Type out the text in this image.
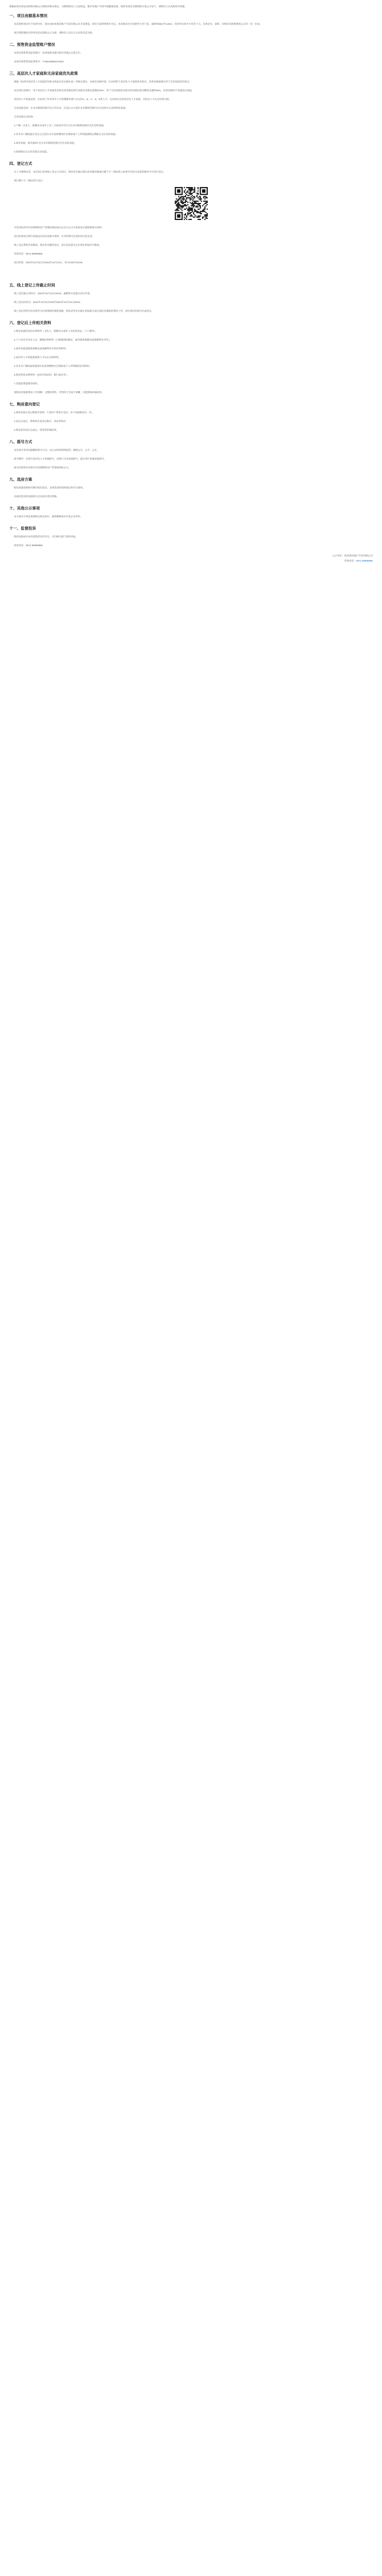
根据杭州市商品房销售价格公示制度的相关规定，为保障购房人合法权益，维护房地产市场平稳健康发展，现将本项目房源销售方案公示如下，请购房人认真阅读并知悉。

一、项目房源基本情况

本次销售项目位于杭州市区，项目由杭州某房地产开发有限公司开发建设，项目已取得预售许可证，本次推出住宅房源共计若干套，面积约89㎡至140㎡，均价约为每平方米若干元。具体房号、面积、价格详见销售现场公示的一房一价表。

项目销售地址及咨询电话以现场公示为准，请购房人以官方公布的信息为准。

二、预售资金监管账户情况

本项目预售资金监管银行：杭州某商业银行股份有限公司某支行。

本项目预售资金监管账号：774601890547202S

三、高层次人才家庭和无房家庭优先政策

根据《杭州市高层次人才家庭优先购买商品住房实施办法》等相关规定，本项目房源中按一定比例用于高层次人才家庭优先购买，其余房源按规定用于无房家庭优先购买。

本次项目房源中，用于高层次人才家庭优先购买的房源比例为本批次房源总套数的20%，用于无房家庭优先购买的房源比例为剩余房源的50%，其余房源用于普通登记家庭。

高层次人才家庭是指：在杭州工作并经市人才管理服务部门认定的A、B、C、D、E类人才，以及经认定的高层次人才家庭，具体以人才认定结果为准。

无房家庭是指：在本市限购范围内无自有住房，且登记之日前在本市限购范围内无住房转让记录的购房家庭。

无房家庭认定标准：

1.户籍（含本人、配偶及未成年子女）在杭州市市区且在本市限购范围内无住房的家庭。

2.非本市户籍家庭在登记之日前在本市连续缴纳社会保险或个人所得税满规定期限且无住房的家庭。

3.离异家庭：离异满3年且在本市限购范围内无住房的家庭。

4.按照规定认定的其他无房家庭。

四、登记方式

为了方便购房者，本次登记采用线上登记方式进行。购房者可通过浙江政务服务网或扫描下方二维码进入杭州市房屋交易监管服务平台进行登记。

请扫描下方二维码进行登记：

可登录杭州市住房保障和房产管理局网站或关注官方公众号查看登记流程和相关说明。

登记时需如实填写家庭成员信息及相关资料，并对所填写信息的真实性负责。

线上登记系统开放期间，购房者可随时登记，登记信息提交后在规定时间内可修改。

咨询电话：0571-89999888

登记时间：2024年10月8日至2024年10月13日，每天9:00至18:00。

五、线上登记上传截止时间

线上登记截止时间为：2024年10月13日18:00，逾期将无法提交登记申请。

线上登记时间为：2024年10月8日9:00至2024年10月13日18:00。

线上登记的所有信息将作为后续资格审核的依据，购房者务必在截止时间前完成全部信息填报和资料上传，请在规定时间内完成登记。

六、登记后上传相关资料

1.购房家庭的身份证明材料（含本人、配偶及未成年子女的身份证、户口簿等）。

2.户口本首页及本人页、婚姻证明材料（已婚提供结婚证，离异提供离婚证或离婚判决书等）。

3.离异家庭需提供离婚证或离婚判决书等证明材料。

4.高层次人才家庭需提供人才认定证明材料。

5.非本市户籍家庭需提供在杭连续缴纳社会保险或个人所得税的证明材料。

6.购房资金证明材料（包括存款证明、银行流水等）。

7.其他需要提供的材料。

请购房者按照要求上传清晰、完整的资料，若资料不全或不清晰，可能影响审核结果。

七、购房意向登记

1.购房家庭在登记期间可选择一个意向户型进行登记，每个家庭限登记一次。

2.登记完成后，系统将生成登记编号，请妥善保存。

3.购房意向登记完成后，请等待审核结果。

八、摇号方式

本次摇号采用电脑随机摇号方式，由公证机构现场监督，确保公开、公平、公正。

摇号顺序：先进行高层次人才家庭摇号，再进行无房家庭摇号，最后进行普通家庭摇号。

摇号结果将在杭州市住房保障和房产管理局网站公示。

九、选房方案

购房家庭按照摇号顺序依次选房，具体选房时间和地点将另行通知。

未按时选房的家庭视为自动放弃选房资格。

十、其他公示事项

本方案未尽事宜按照相关规定执行，最终解释权归开发企业所有。

十一、监督投诉

购房家庭如对本次销售活动有异议，可向相关部门投诉举报。

投诉电话：0571-89999888。

公示单位：杭州某房地产开发有限公司
咨询电话：0571-89999888
